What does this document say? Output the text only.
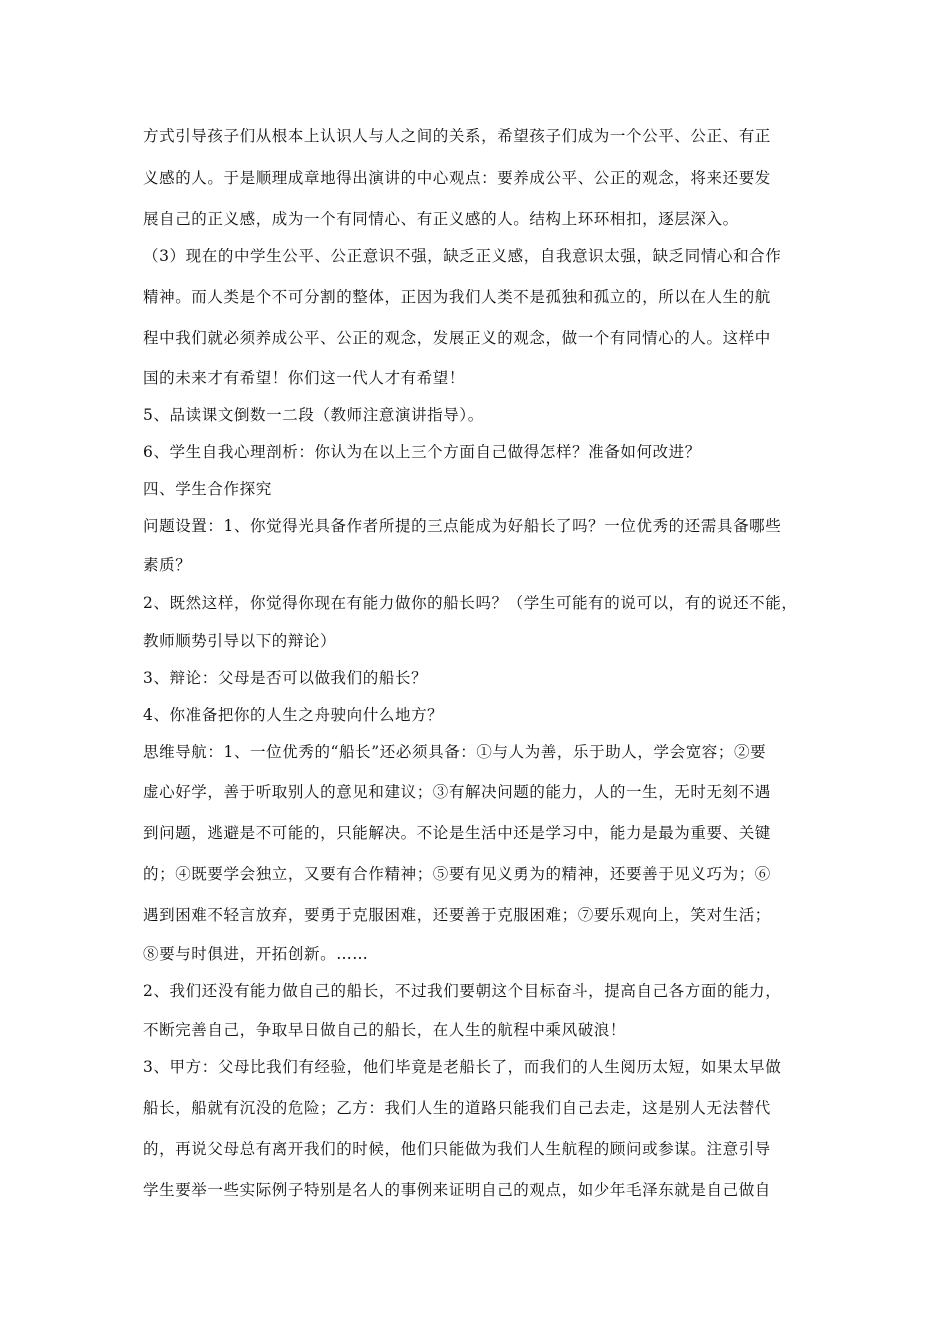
方式引导孩子们从根本上认识人与人之间的关系，希望孩子们成为一个公平、公正、有正
义感的人。于是顺理成章地得出演讲的中心观点：要养成公平、公正的观念，将来还要发
展自己的正义感，成为一个有同情心、有正义感的人。结构上环环相扣，逐层深入。
（3）现在的中学生公平、公正意识不强，缺乏正义感，自我意识太强，缺乏同情心和合作
精神。而人类是个不可分割的整体，正因为我们人类不是孤独和孤立的，所以在人生的航
程中我们就必须养成公平、公正的观念，发展正义的观念，做一个有同情心的人。这样中
国的未来才有希望！你们这一代人才有希望！
5、品读课文倒数一二段（教师注意演讲指导）。
6、学生自我心理剖析：你认为在以上三个方面自己做得怎样？准备如何改进？
四、学生合作探究
问题设置：1、你觉得光具备作者所提的三点能成为好船长了吗？一位优秀的还需具备哪些
素质？
2、既然这样，你觉得你现在有能力做你的船长吗？（学生可能有的说可以，有的说还不能，
教师顺势引导以下的辩论）
3、辩论：父母是否可以做我们的船长？
4、你准备把你的人生之舟驶向什么地方？
思维导航：1、一位优秀的“船长”还必须具备：①与人为善，乐于助人，学会宽容；②要
虚心好学，善于听取别人的意见和建议；③有解决问题的能力，人的一生，无时无刻不遇
到问题，逃避是不可能的，只能解决。不论是生活中还是学习中，能力是最为重要、关键
的；④既要学会独立，又要有合作精神；⑤要有见义勇为的精神，还要善于见义巧为；⑥
遇到困难不轻言放弃，要勇于克服困难，还要善于克服困难；⑦要乐观向上，笑对生活；
⑧要与时俱进，开拓创新。……
2、我们还没有能力做自己的船长，不过我们要朝这个目标奋斗，提高自己各方面的能力，
不断完善自己，争取早日做自己的船长，在人生的航程中乘风破浪！
3、甲方：父母比我们有经验，他们毕竟是老船长了，而我们的人生阅历太短，如果太早做
船长，船就有沉没的危险；乙方：我们人生的道路只能我们自己去走，这是别人无法替代
的，再说父母总有离开我们的时候，他们只能做为我们人生航程的顾问或参谋。注意引导
学生要举一些实际例子特别是名人的事例来证明自己的观点，如少年毛泽东就是自己做自
